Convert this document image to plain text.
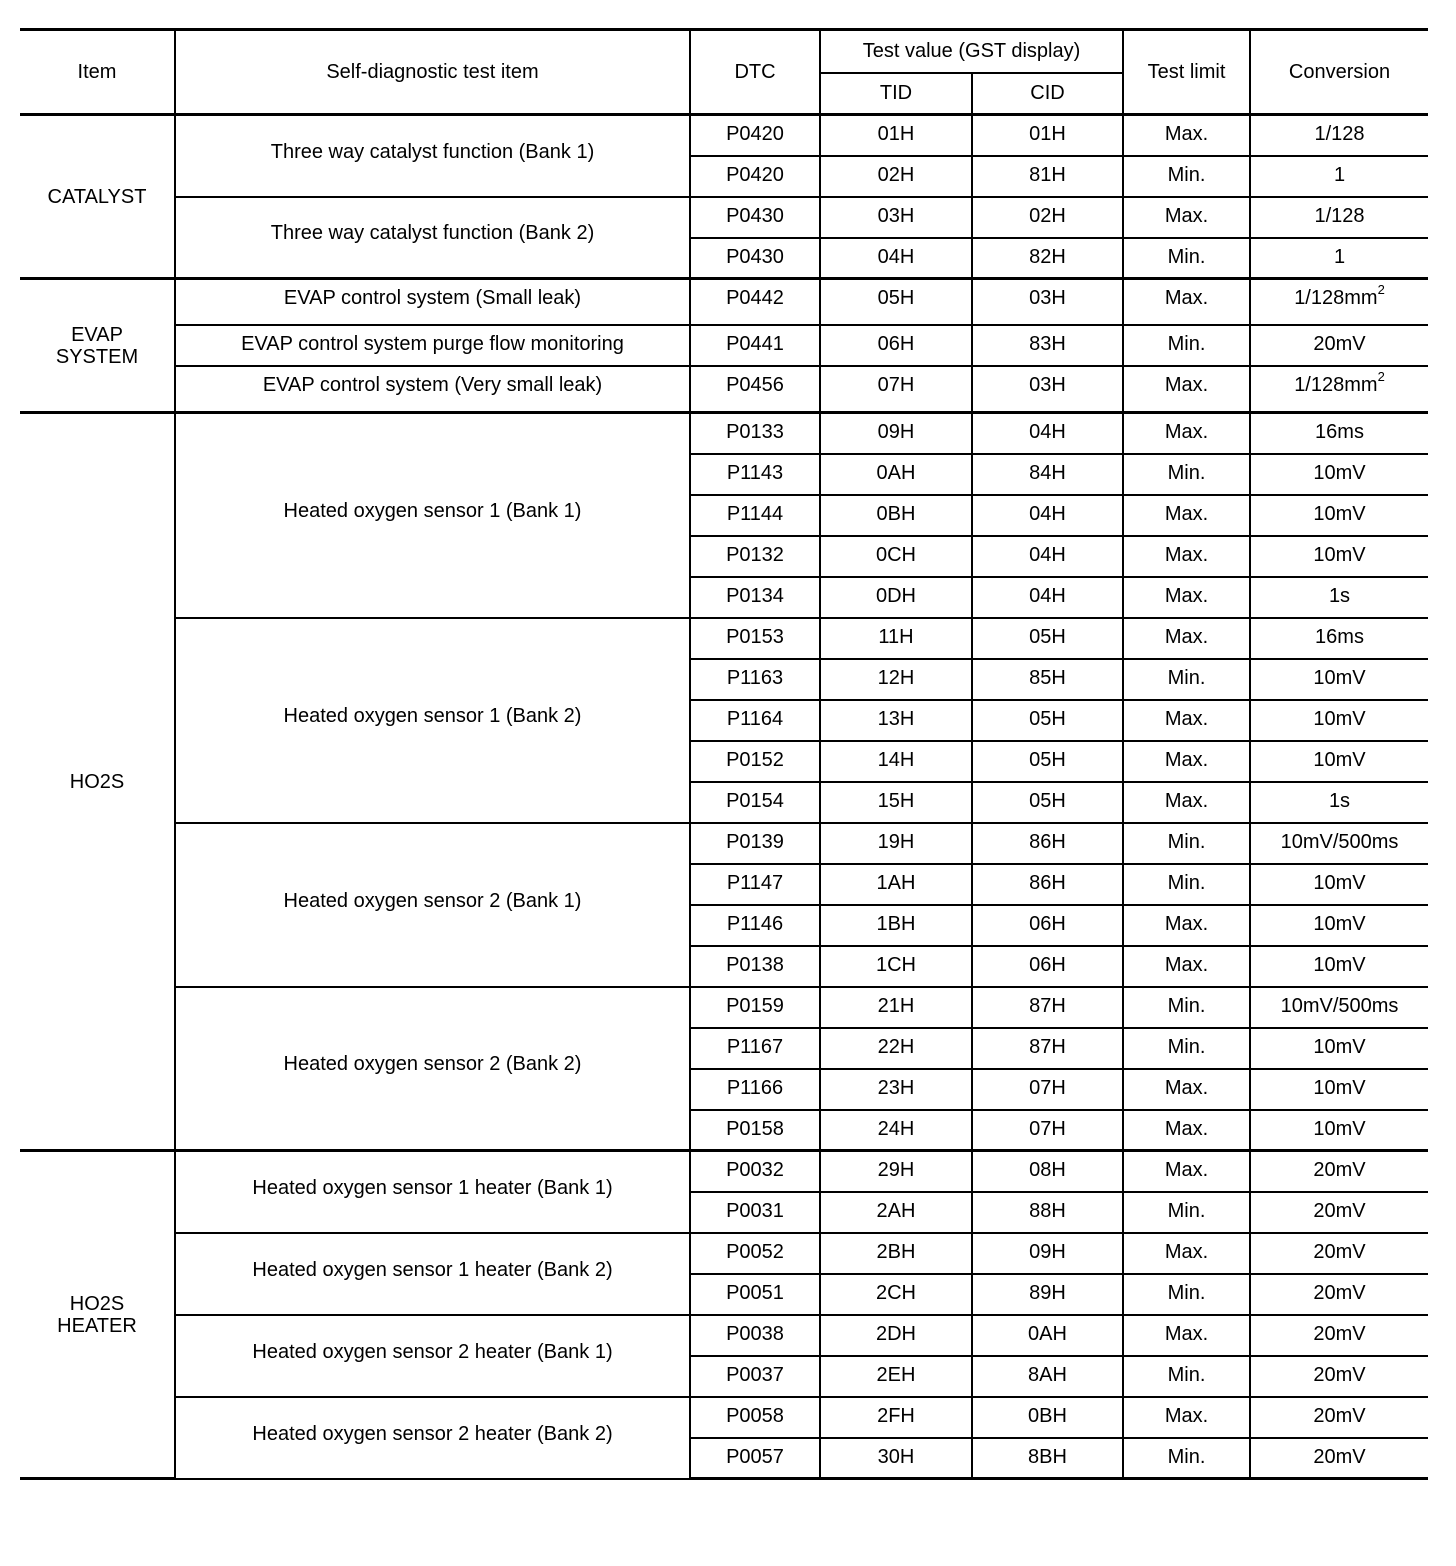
Item	Self-diagnostic test item	DTC	Test value (GST display)		Test limit	Conversion
			TID	CID		
CATALYST	Three way catalyst function (Bank 1)	P0420	01H	01H	Max.	1/128
		P0420	02H	81H	Min.	1
	Three way catalyst function (Bank 2)	P0430	03H	02H	Max.	1/128
		P0430	04H	82H	Min.	1
EVAP SYSTEM	EVAP control system (Small leak)	P0442	05H	03H	Max.	$1/128mm^2$
	EVAP control system purge flow monitoring	P0441	06H	83H	Min.	20mV
	EVAP control system (Very small leak)	P0456	07H	03H	Max.	$1/128mm^2$
HO2S	Heated oxygen sensor 1 (Bank 1)	P0133	09H	04H	Max.	16ms
		P1143	0AH	84H	Min.	10mV
		P1144	0BH	04H	Max.	10mV
		P0132	0CH	04H	Max.	10mV
		P0134	0DH	04H	Max.	1s
	Heated oxygen sensor 1 (Bank 2)	P0153	11H	05H	Max.	16ms
		P1163	12H	85H	Min.	10mV
		P1164	13H	05H	Max.	10mV
		P0152	14H	05H	Max.	10mV
		P0154	15H	05H	Max.	1s
	Heated oxygen sensor 2 (Bank 1)	P0139	19H	86H	Min.	10mV/500ms
		P1147	1AH	86H	Min.	10mV
		P1146	1BH	06H	Max.	10mV
		P0138	1CH	06H	Max.	10mV
	Heated oxygen sensor 2 (Bank 2)	P0159	21H	87H	Min.	10mV/500ms
		P1167	22H	87H	Min.	10mV
		P1166	23H	07H	Max.	10mV
		P0158	24H	07H	Max.	10mV
HO2S HEATER	Heated oxygen sensor 1 heater (Bank 1)	P0032	29H	08H	Max.	20mV
		P0031	2AH	88H	Min.	20mV
	Heated oxygen sensor 1 heater (Bank 2)	P0052	2BH	09H	Max.	20mV
		P0051	2CH	89H	Min.	20mV
	Heated oxygen sensor 2 heater (Bank 1)	P0038	2DH	0AH	Max.	20mV
		P0037	2EH	8AH	Min.	20mV
	Heated oxygen sensor 2 heater (Bank 2)	P0058	2FH	0BH	Max.	20mV
		P0057	30H	8BH	Min.	20mV
